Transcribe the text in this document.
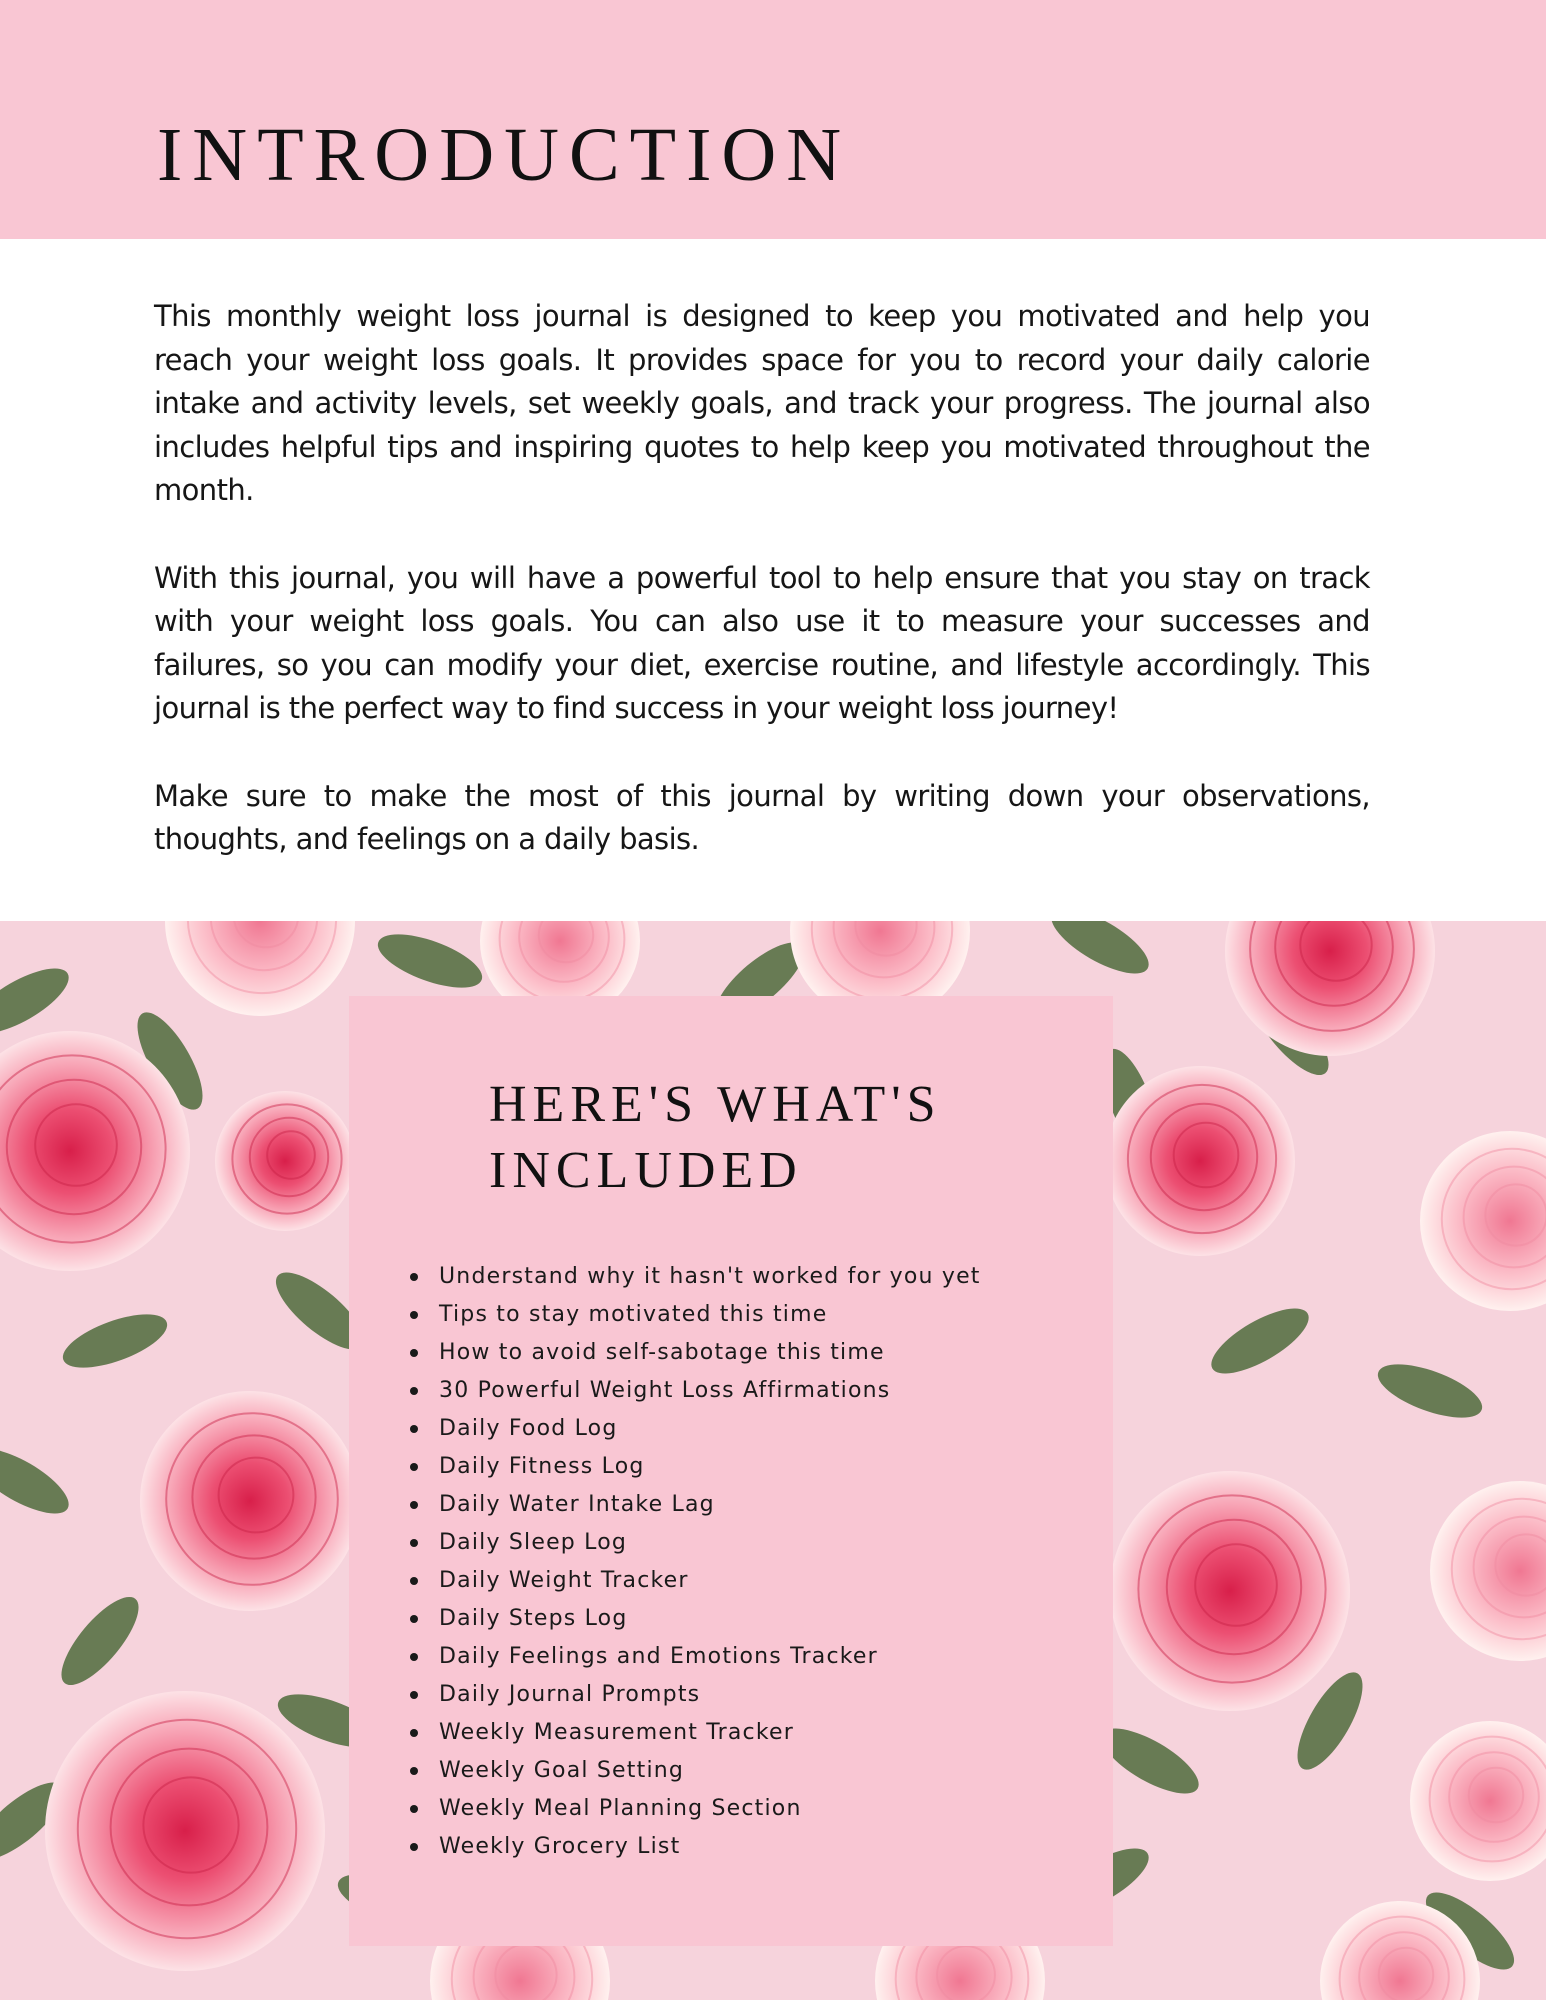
INTRODUCTION

This monthly weight loss journal is designed to keep you motivated and help you reach your weight loss goals. It provides space for you to record your daily calorie intake and activity levels, set weekly goals, and track your progress. The journal also includes helpful tips and inspiring quotes to help keep you motivated throughout the month.

With this journal, you will have a powerful tool to help ensure that you stay on track with your weight loss goals. You can also use it to measure your successes and failures, so you can modify your diet, exercise routine, and lifestyle accordingly. This journal is the perfect way to find success in your weight loss journey!

Make sure to make the most of this journal by writing down your observations, thoughts, and feelings on a daily basis.

HERE'S WHAT'S
INCLUDED
Understand why it hasn't worked for you yet
Tips to stay motivated this time
How to avoid self-sabotage this time
30 Powerful Weight Loss Affirmations
Daily Food Log
Daily Fitness Log
Daily Water Intake Lag
Daily Sleep Log
Daily Weight Tracker
Daily Steps Log
Daily Feelings and Emotions Tracker
Daily Journal Prompts
Weekly Measurement Tracker
Weekly Goal Setting
Weekly Meal Planning Section
Weekly Grocery List
